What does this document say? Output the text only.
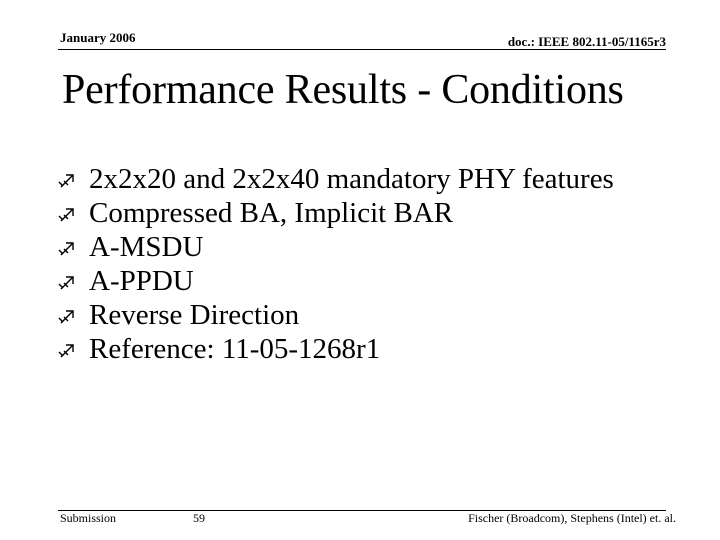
January 2006	doc.: IEEE 802.11-05/1165r3
Performance Results - Conditions
2x2x20 and 2x2x40 mandatory PHY features
Compressed BA, Implicit BAR
A-MSDU
A-PPDU
Reverse Direction
Reference: 11-05-1268r1
Submission	59	Fischer (Broadcom), Stephens (Intel) et. al.
